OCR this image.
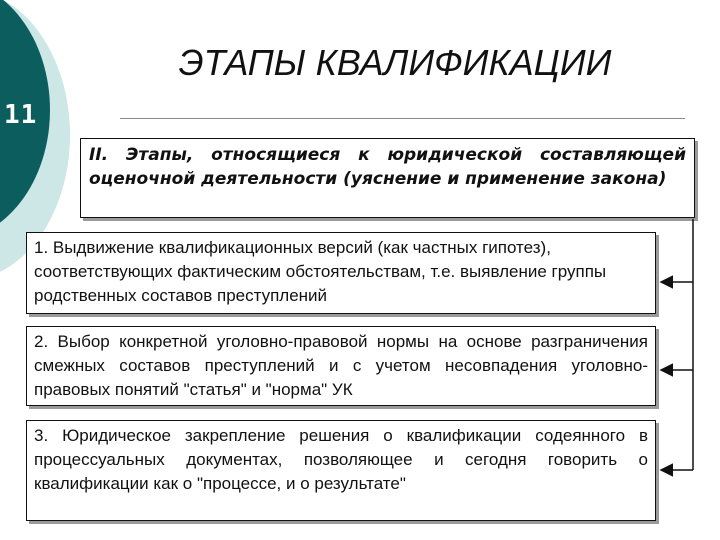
11
ЭТАПЫ КВАЛИФИКАЦИИ
II. Этапы, относящиеся к юридической составляющей оценочной деятельности (уяснение и применение закона)
1. Выдвижение квалификационных версий (как частных гипотез), соответствующих фактическим обстоятельствам, т.е. выявление группы родственных составов преступлений
2. Выбор конкретной уголовно-правовой нормы на основе разграничения смежных составов преступлений и с учетом несовпадения уголовно-правовых понятий "статья" и "норма" УК
3. Юридическое закрепление решения о квалификации содеянного в процессуальных документах, позволяющее и сегодня говорить о квалификации как о "процессе, и о результате"
